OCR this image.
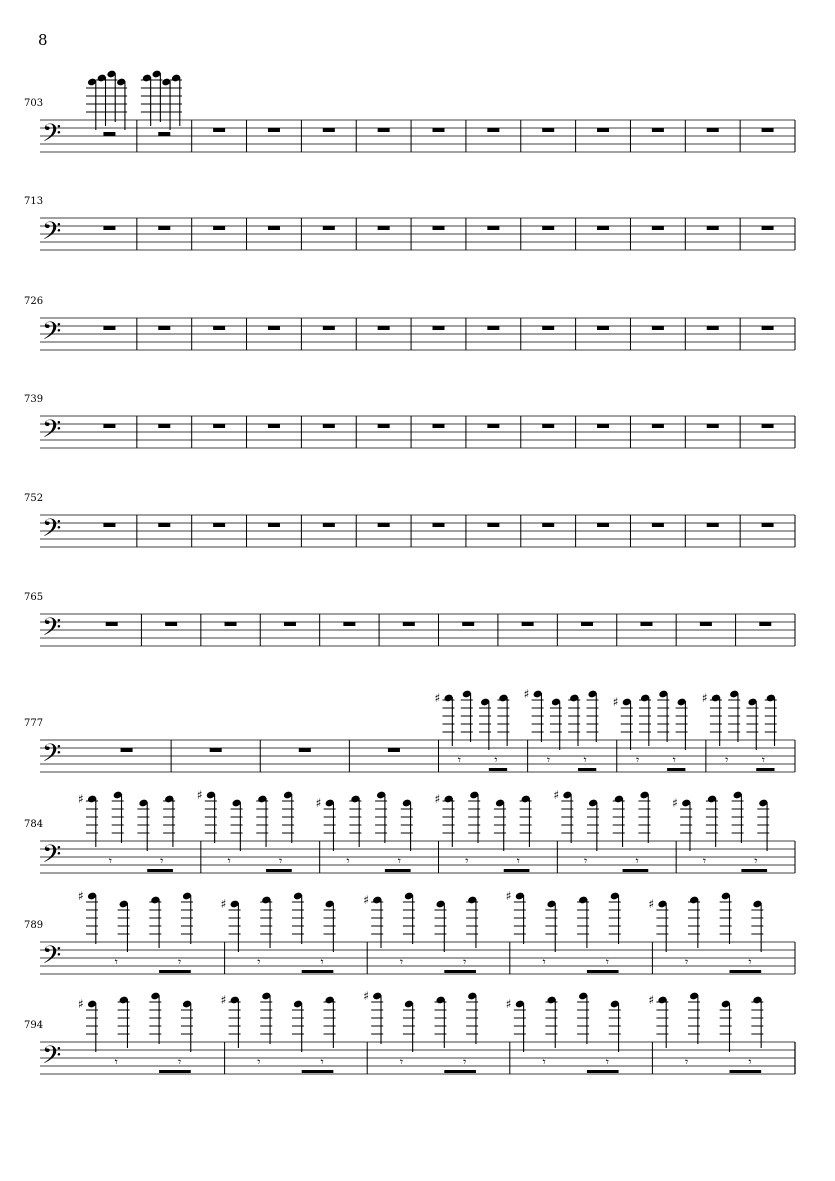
8
703
𝄢
713
𝄢
726
𝄢
739
𝄢
752
𝄢
765
𝄢
777
𝄢
♯
𝄾	𝄾
♯
𝄾	𝄾
♯
𝄾	𝄾
♯
𝄾	𝄾
784
𝄢
♯
𝄾	𝄾
♯
𝄾	𝄾
♯
𝄾	𝄾
♯
𝄾	𝄾
♯
𝄾	𝄾
♯
𝄾	𝄾
789
𝄢
♯
𝄾	𝄾
♯
𝄾	𝄾
♯
𝄾	𝄾
♯
𝄾	𝄾
♯
𝄾	𝄾
794
𝄢
♯
𝄾	𝄾
♯
𝄾	𝄾
♯
𝄾	𝄾
♯
𝄾	𝄾
♯
𝄾	𝄾
